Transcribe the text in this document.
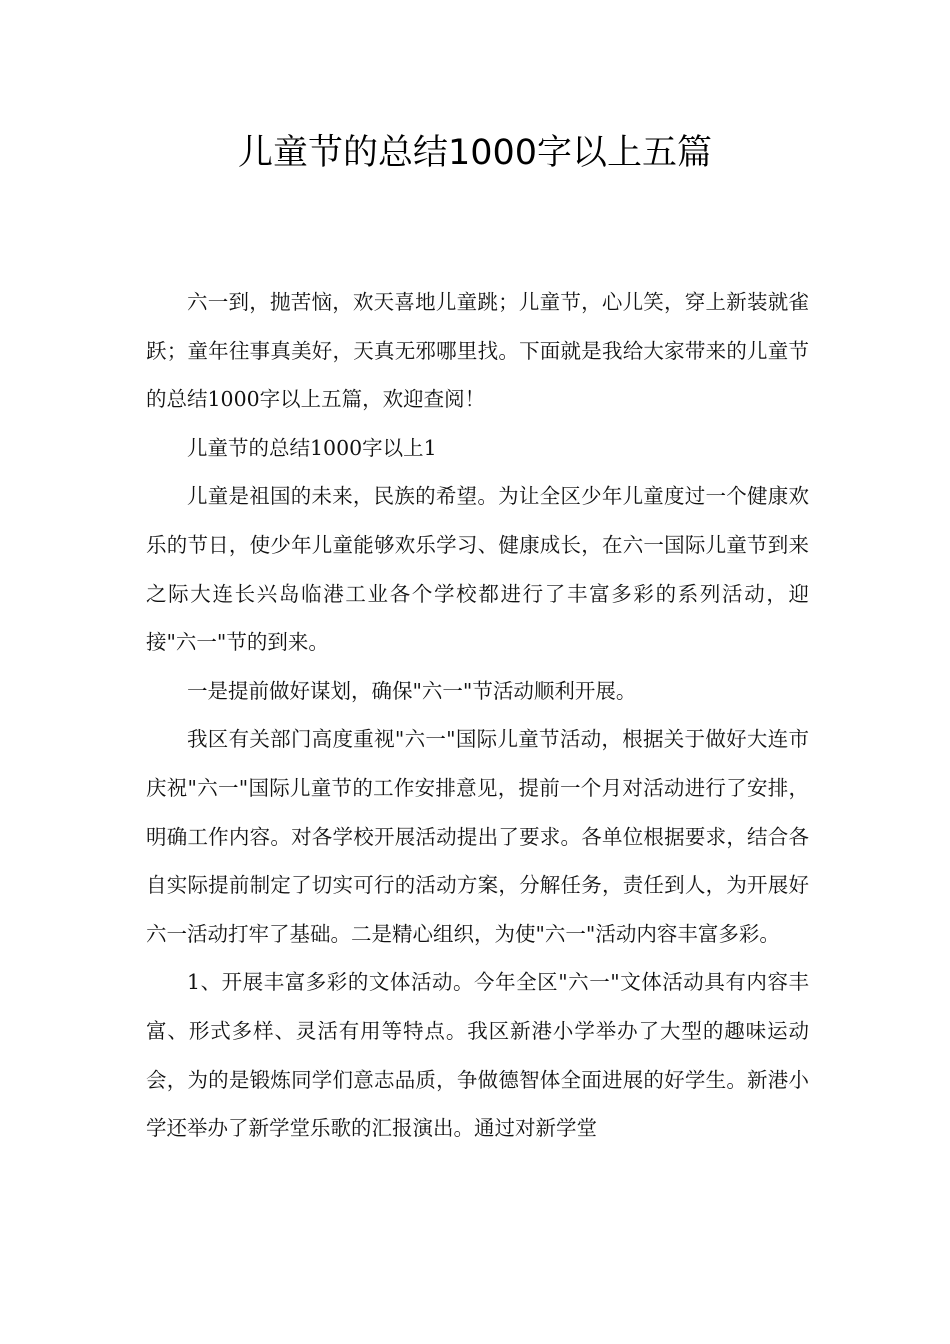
儿童节的总结1000字以上五篇

六一到，抛苦恼，欢天喜地儿童跳；儿童节，心儿笑，穿上新装就雀跃；童年往事真美好，天真无邪哪里找。下面就是我给大家带来的儿童节的总结1000字以上五篇，欢迎查阅！

儿童节的总结1000字以上1

儿童是祖国的未来，民族的希望。为让全区少年儿童度过一个健康欢乐的节日，使少年儿童能够欢乐学习、健康成长，在六一国际儿童节到来之际大连长兴岛临港工业各个学校都进行了丰富多彩的系列活动，迎接"六一"节的到来。

一是提前做好谋划，确保"六一"节活动顺利开展。

我区有关部门高度重视"六一"国际儿童节活动，根据关于做好大连市庆祝"六一"国际儿童节的工作安排意见，提前一个月对活动进行了安排，明确工作内容。对各学校开展活动提出了要求。各单位根据要求，结合各自实际提前制定了切实可行的活动方案，分解任务，责任到人，为开展好六一活动打牢了基础。二是精心组织，为使"六一"活动内容丰富多彩。

1、开展丰富多彩的文体活动。今年全区"六一"文体活动具有内容丰富、形式多样、灵活有用等特点。我区新港小学举办了大型的趣味运动会，为的是锻炼同学们意志品质，争做德智体全面进展的好学生。新港小学还举办了新学堂乐歌的汇报演出。通过对新学堂
